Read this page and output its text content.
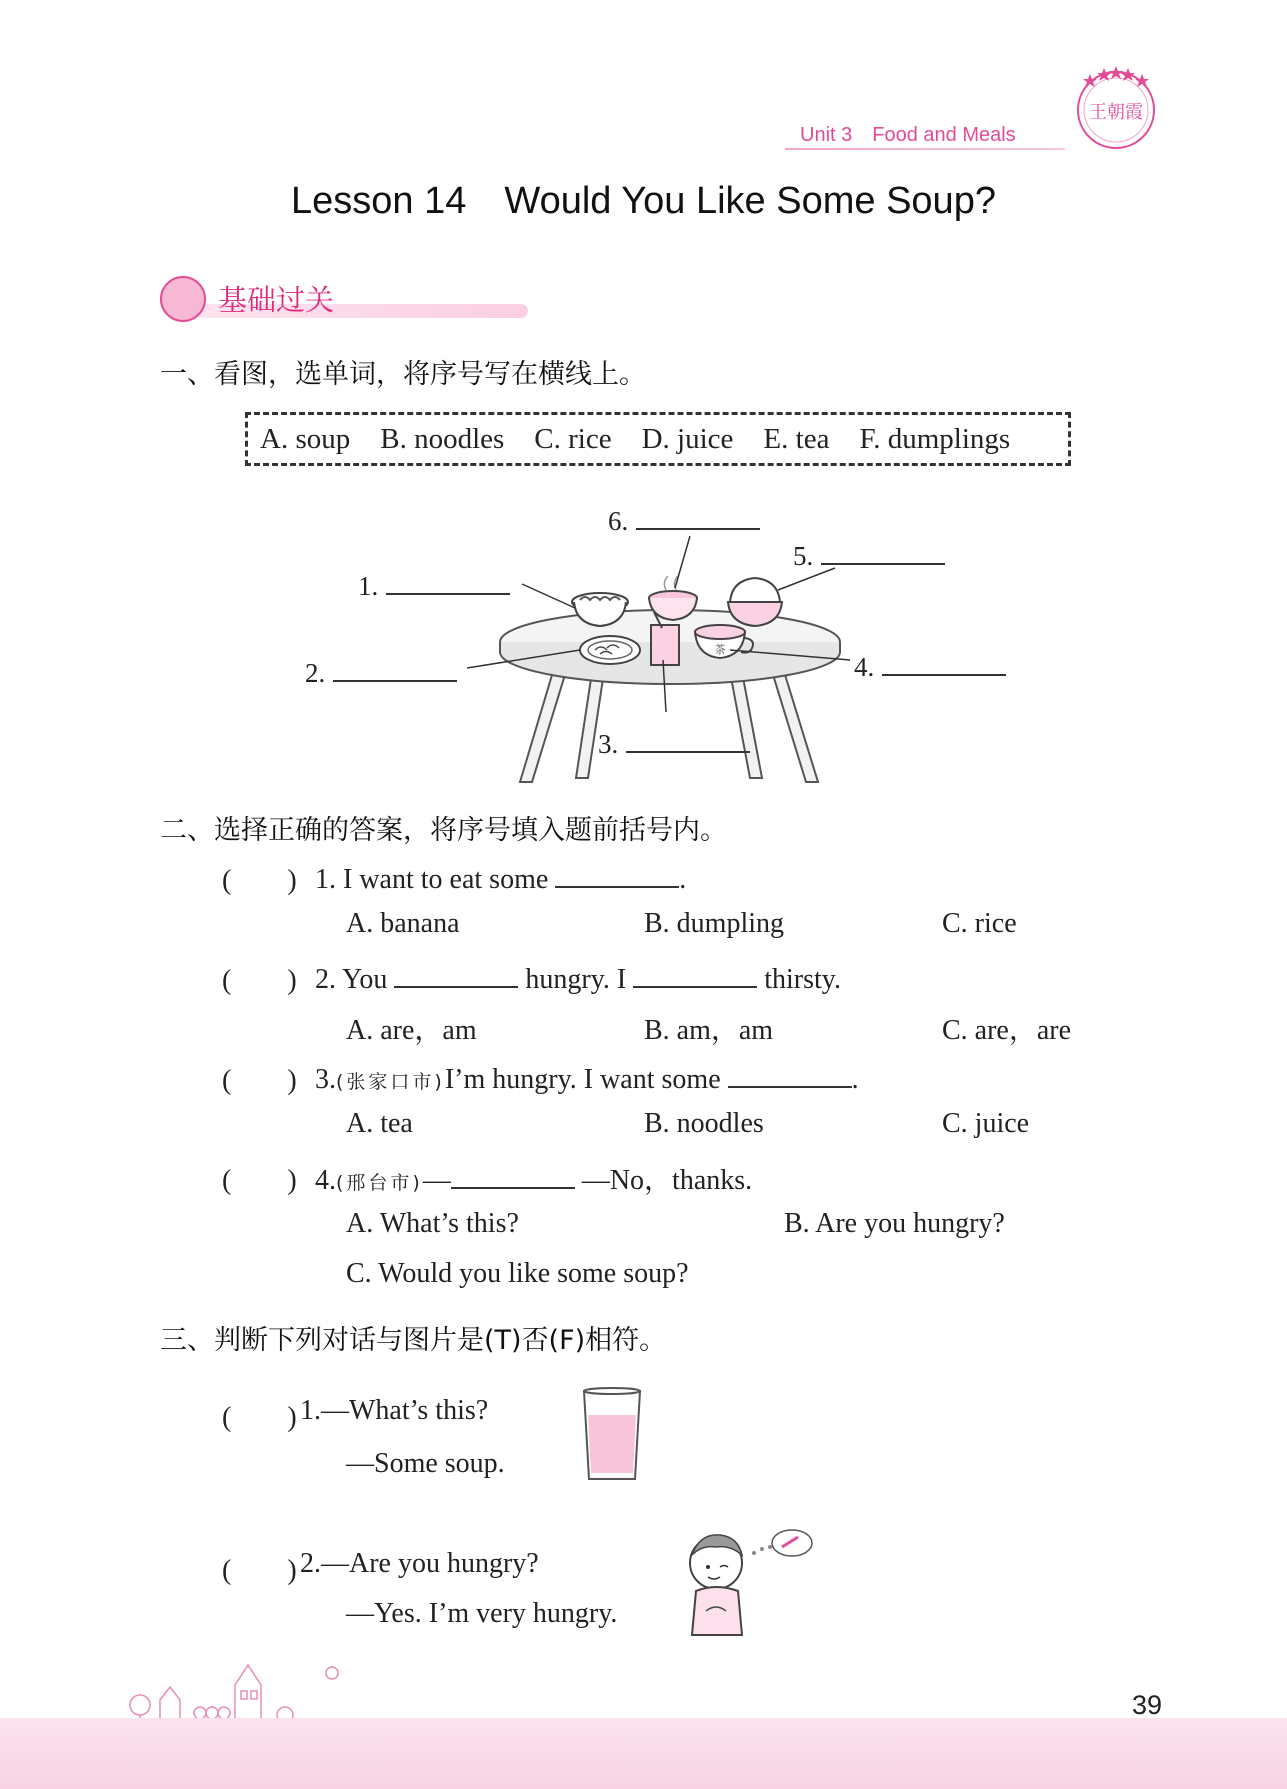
Unit 3 Food and Meals
王朝霞
Lesson 14 Would You Like Some Soup?
基础过关
一、看图，选单词，将序号写在横线上。
A. soup B. noodles C. rice D. juice E. tea F. dumplings
茶
1.
2.
3.
4.
5.
6.
二、选择正确的答案，将序号填入题前括号内。
(　　) 1. I want to eat some	.
A. banana	B. dumpling	C. rice
(　　) 2. You	hungry. I	thirsty.
A. are，am	B. am，am	C. are，are
(　　) 3.(张家口市)I’m hungry. I want some	.
A. tea	B. noodles	C. juice
(　　) 4.(邢台市)—	—No，thanks.
A. What’s this?	B. Are you hungry?
C. Would you like some soup?
三、判断下列对话与图片是(T)否(F)相符。
(　　) 1.—What’s this?
—Some soup.
(　　) 2.—Are you hungry?
—Yes. I’m very hungry.
39
